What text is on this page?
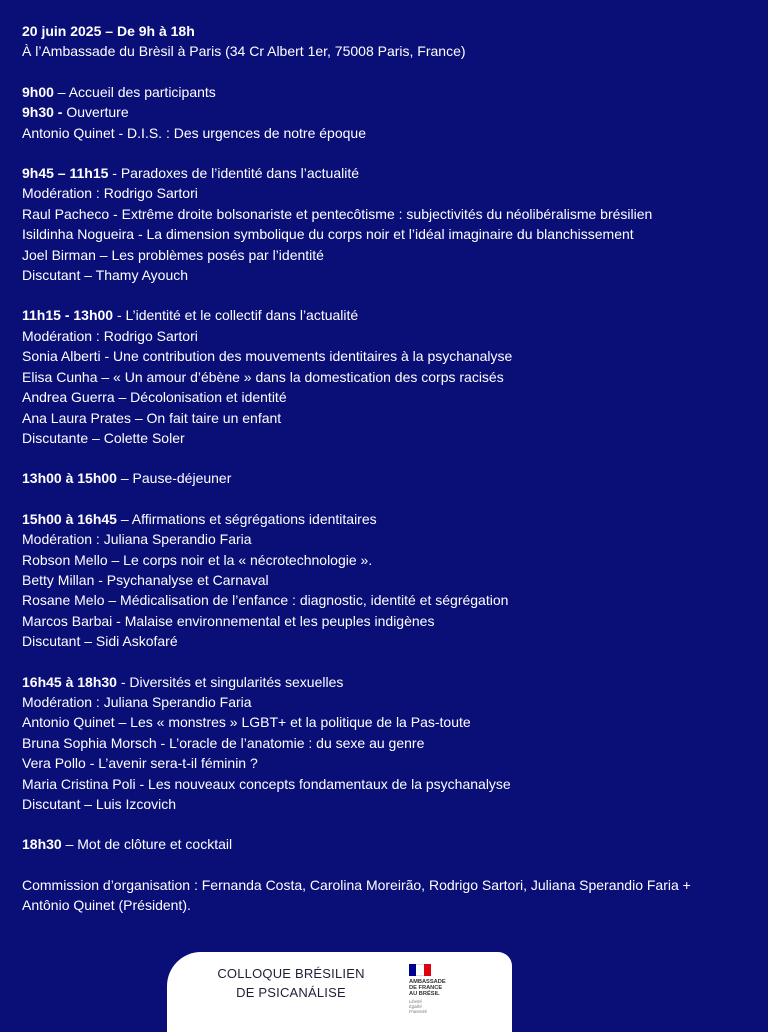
20 juin 2025 – De 9h à 18h
À l’Ambassade du Brèsil à Paris (34 Cr Albert 1er, 75008 Paris, France)
9h00 – Accueil des participants
9h30 - Ouverture
Antonio Quinet - D.I.S. : Des urgences de notre époque
9h45 – 11h15 - Paradoxes de l’identité dans l’actualité
Modération : Rodrigo Sartori
Raul Pacheco - Extrême droite bolsonariste et pentecôtisme : subjectivités du néolibéralisme brésilien
Isildinha Nogueira - La dimension symbolique du corps noir et l’idéal imaginaire du blanchissement
Joel Birman – Les problèmes posés par l’identité
Discutant – Thamy Ayouch
11h15 - 13h00 - L’identité et le collectif dans l’actualité
Modération : Rodrigo Sartori
Sonia Alberti - Une contribution des mouvements identitaires à la psychanalyse
Elisa Cunha – « Un amour d’ébène » dans la domestication des corps racisés
Andrea Guerra – Décolonisation et identité
Ana Laura Prates – On fait taire un enfant
Discutante – Colette Soler
13h00 à 15h00 – Pause-déjeuner
15h00 à 16h45 – Affirmations et ségrégations identitaires
Modération : Juliana Sperandio Faria
Robson Mello – Le corps noir et la « nécrotechnologie ».
Betty Millan - Psychanalyse et Carnaval
Rosane Melo – Médicalisation de l’enfance : diagnostic, identité et ségrégation
Marcos Barbai - Malaise environnemental et les peuples indigènes
Discutant – Sidi Askofaré
16h45 à 18h30 - Diversités et singularités sexuelles
Modération : Juliana Sperandio Faria
Antonio Quinet – Les « monstres » LGBT+ et la politique de la Pas-toute
Bruna Sophia Morsch - L’oracle de l’anatomie : du sexe au genre
Vera Pollo - L’avenir sera-t-il féminin ?
Maria Cristina Poli - Les nouveaux concepts fondamentaux de la psychanalyse
Discutant – Luis Izcovich
18h30 – Mot de clôture et cocktail
Commission d’organisation : Fernanda Costa, Carolina Moreirão, Rodrigo Sartori, Juliana Sperandio Faria +
Antônio Quinet (Président).
COLLOQUE BRÉSILIEN
DE PSICANÁLISE
AMBASSADE
DE FRANCE
AU BRÉSIL
Liberté
Égalité
Fraternité
